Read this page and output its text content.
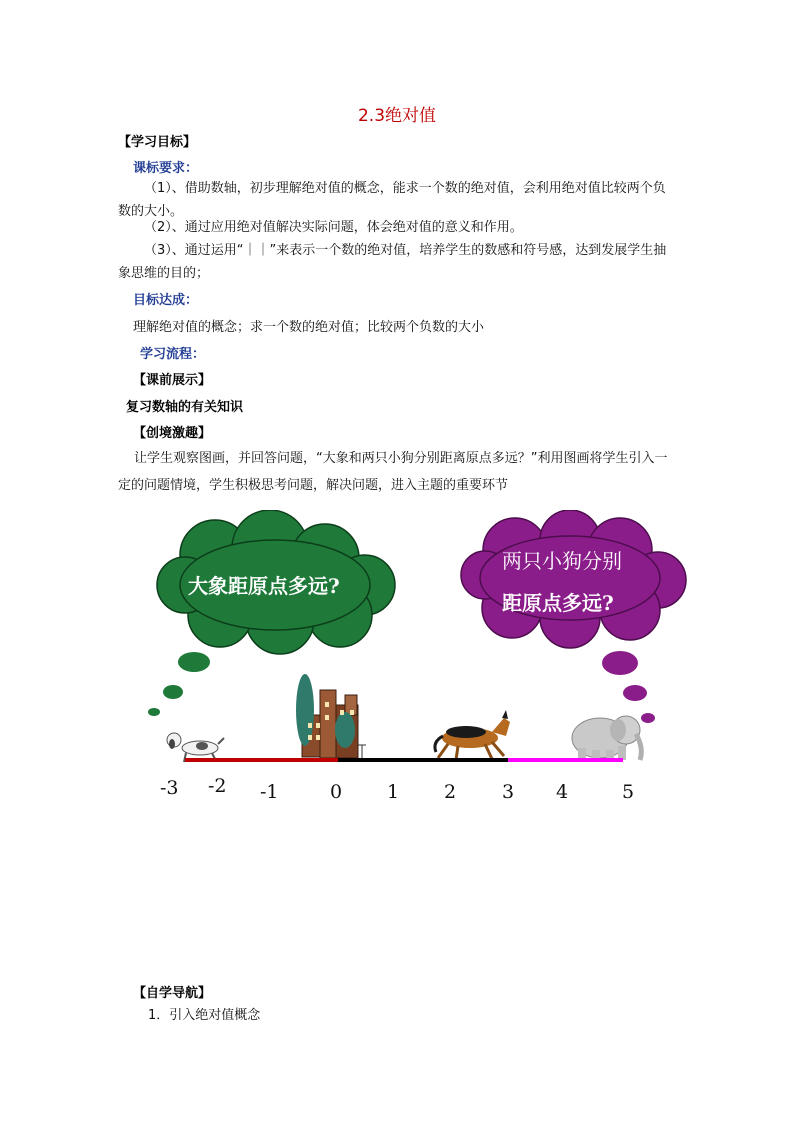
2.3绝对值
【学习目标】
课标要求：
（1）、借助数轴，初步理解绝对值的概念，能求一个数的绝对值，会利用绝对值比较两个负数的大小。
（2）、通过应用绝对值解决实际问题，体会绝对值的意义和作用。
（3）、通过运用“｜｜”来表示一个数的绝对值，培养学生的数感和符号感，达到发展学生抽象思维的目的；
目标达成：
理解绝对值的概念；求一个数的绝对值；比较两个负数的大小
学习流程：
【课前展示】
复习数轴的有关知识
【创境激趣】
让学生观察图画，并回答问题，“大象和两只小狗分别距离原点多远？”利用图画将学生引入一定的问题情境，学生积极思考问题，解决问题，进入主题的重要环节
大象距原点多远?
两只小狗分别
距原点多远?
-3 -2 -1	0 1 2 3 4	5
【自学导航】
1．引入绝对值概念
